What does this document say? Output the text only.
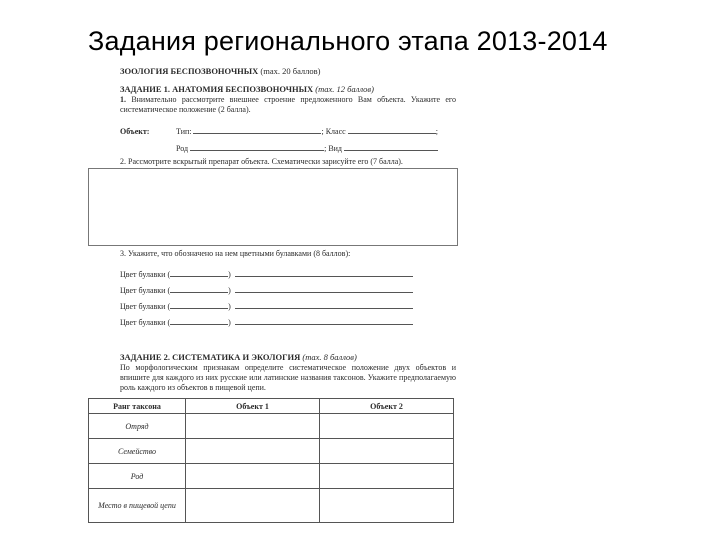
Задания регионального этапа 2013-2014
ЗООЛОГИЯ БЕСПОЗВОНОЧНЫХ (max. 20 баллов)
ЗАДАНИЕ 1. АНАТОМИЯ БЕСПОЗВОНОЧНЫХ (max. 12 баллов)
1. Внимательно рассмотрите внешнее строение предложенного Вам объекта. Укажите его систематическое положение (2 балла).
Объект:	Тип:	; Класс	;
Род	; Вид
2. Рассмотрите вскрытый препарат объекта. Схематически зарисуйте его (7 балла).
3. Укажите, что обозначено на нем цветными булавками (8 баллов):
Цвет булавки (	)
Цвет булавки (	)
Цвет булавки (	)
Цвет булавки (	)
ЗАДАНИЕ 2. СИСТЕМАТИКА И ЭКОЛОГИЯ (max. 8 баллов)
По морфологическим признакам определите систематическое положение двух объектов и впишите для каждого из них русские или латинские названия таксонов. Укажите предполагаемую роль каждого из объектов в пищевой цепи.
Ранг таксона	Объект 1	Объект 2
Отряд		
Семейство		
Род		
Место в пищевой цепи		
